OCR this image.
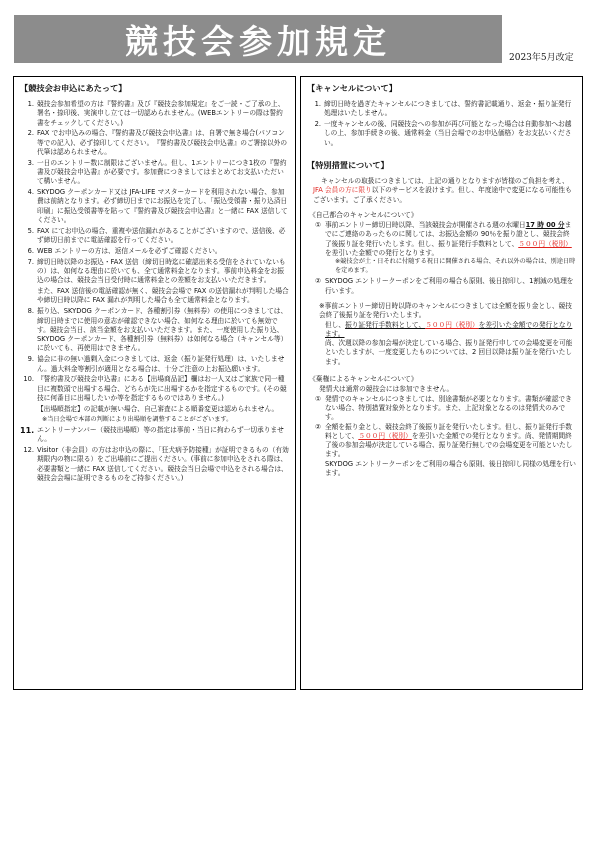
競技会参加規定	2023年5月改定
【競技会お申込にあたって】
1. 競技会参加希望の方は『誓約書』及び『競技会参加規定』をご一読・ご了承の上、署名・捺印後、実演申し立ては一切認められません。(WEBエントリーの際は誓約書をチェックしてください。)
2. FAX でお申込みの場合、『誓約書及び競技会申込書』は、自署で無き場合(パソコン等での記入)、必ず捺印してください。　『誓約書及び競技会申込書』のご署捺以外の代筆は認められません。
3. 一日のエントリー数に制限はございません。但し、1エントリーにつき1枚の『誓約書及び競技会申込書』が必要です。参加費につきましてはまとめてお支払いただいて構いません。
4. SKYDOG クーポンカード又は JFA-LIFE マスターカードを利用されない場合、参加費は前納となります。必ず締切日までにお振込を完了し、「振込受領書・振り込済日印刷」に振込受領書等を貼って『誓約書及び競技会申込書』と一緒に FAX 送信してください。
5. FAX にてお申込の場合、重複や送信漏れがあることがございますので、送信後、必ず締切日前までに電話確認を行ってください。
6. WEB エントリーの方は、返信メールを必ずご確認ください。
7. 締切日時以降のお振込・FAX 送信（締切日時迄に確認出来る受信をされていないもの）は、如何なる理由に於いても、全て通常料金となります。事前申込料金をお振込の場合は、競技会当日受付時に通常料金との差額をお支払いいただきます。
また、FAX 送信後の電話確認が無く、競技会会場で FAX の送信漏れが判明した場合や締切日時以降に FAX 漏れが判明した場合も全て通常料金となります。
8. 振り込、SKYDOG クーポンカード、各種割引券（無料券）の使用につきましては、締切日時までに使用の意志が確認できない場合、如何なる理由に於いても無効です。競技会当日、該当金額をお支払いいただきます。また、一度使用した振り込、SKYDOG クーポンカード、各種割引券（無料券）は如何なる場合（キャンセル等）に於いても、再使用はできません。
9. 協会に非の無い過剰入金につきましては、返金（振り証発行処理）は、いたしません。過大料金等割引が適用となる場合は、十分ご注意の上お振込願います。
10. 『誓約書及び競技会申込書』にある【出場商品記】欄はお一人又はご家族で同一種目に複数頭で出場する場合、どちらが先に出場するかを指定するものです。(その競技に何番目に出場したいか等を指定するものではありません。)
【出場順指定】の記載が無い場合、自己審査による順番変更は認められません。
※当日会場で本部の判断により出場順を調整することがございます。
11. エントリーナンバー（競技出場順）等の指定は事前・当日に拘わらず一切承りません。
12. Visitor（非会員）の方はお申込の際に、「狂犬病予防接種」が証明できるもの（有効期限内の物に限る）をご出場前にご提出ください。(事前に参加申込をされる際は、必要書類と一緒に FAX 送信してください。競技会当日会場で申込をされる場合は、競技会会場に証明できるものをご持参ください。)
【キャンセルについて】
1. 締切日時を過ぎたキャンセルにつきましては、誓約書記載通り、返金・振り証発行処理はいたしません。
2. 一度キャンセルの後、同競技会への参加が再び可能となった場合は自動参加へお越しの上、参加手続きの後、通常料金（当日会場でのお申込価格）をお支払いください。
【特別措置について】

キャンセルの取扱につきましては、上記の通りとなりますが皆様のご負担を考え、JFA 会員の方に限り以下のサービスを設けます。但し、年度途中で変更になる可能性もございます。ご了承ください。

《自己都合のキャンセルについて》
① 事前エントリー締切日時以降、当該競技会が開催される週の水曜日17 時 00 分までにご連絡のあったものに関しては、お振込金額の 90％を振り證とし、競技会終了後振り証を発行いたします。但し、振り証発行手数料として、５００円（税別）を差引いた金額での発行となります。
※競技会が土・日それに付随する祝日に開催される場合、それ以外の場合は、別途日時を定めます。
② SKYDOG エントリークーポンをご利用の場合も原則、後日掠印し、1割減の処理を行います。

※事前エントリー締切日時以降のキャンセルにつきましては全額を振り金とし、競技会終了後振り証を発行いたします。

但し、振り証発行手数料として、５００円（税別）を差引いた金額での発行となります。

尚、次週以降の参加会場が決定している場合、振り証発行申しての会場変更を可能といたしますが、一度変更したものについては、2 回目以降は振り証を発行いたします。

《棄権によるキャンセルについて》

発情犬は通常の競技会には参加できません。

① 発情でのキャンセルにつきましては、別途書類が必要となります。書類が確認できない場合、特別措置対象外となります。また、上記対象となるのは発情犬のみです。
② 全額を振り金とし、競技会終了後振り証を発行いたします。但し、振り証発行手数料として、５００円（税別）を差引いた金額での発行となります。尚、発情期間終了後の参加会場が決定している場合、振り証発行無しでの会場変更を可能といたします。

SKYDOG エントリークーポンをご利用の場合も原則、後日掠印し同様の処理を行います。
